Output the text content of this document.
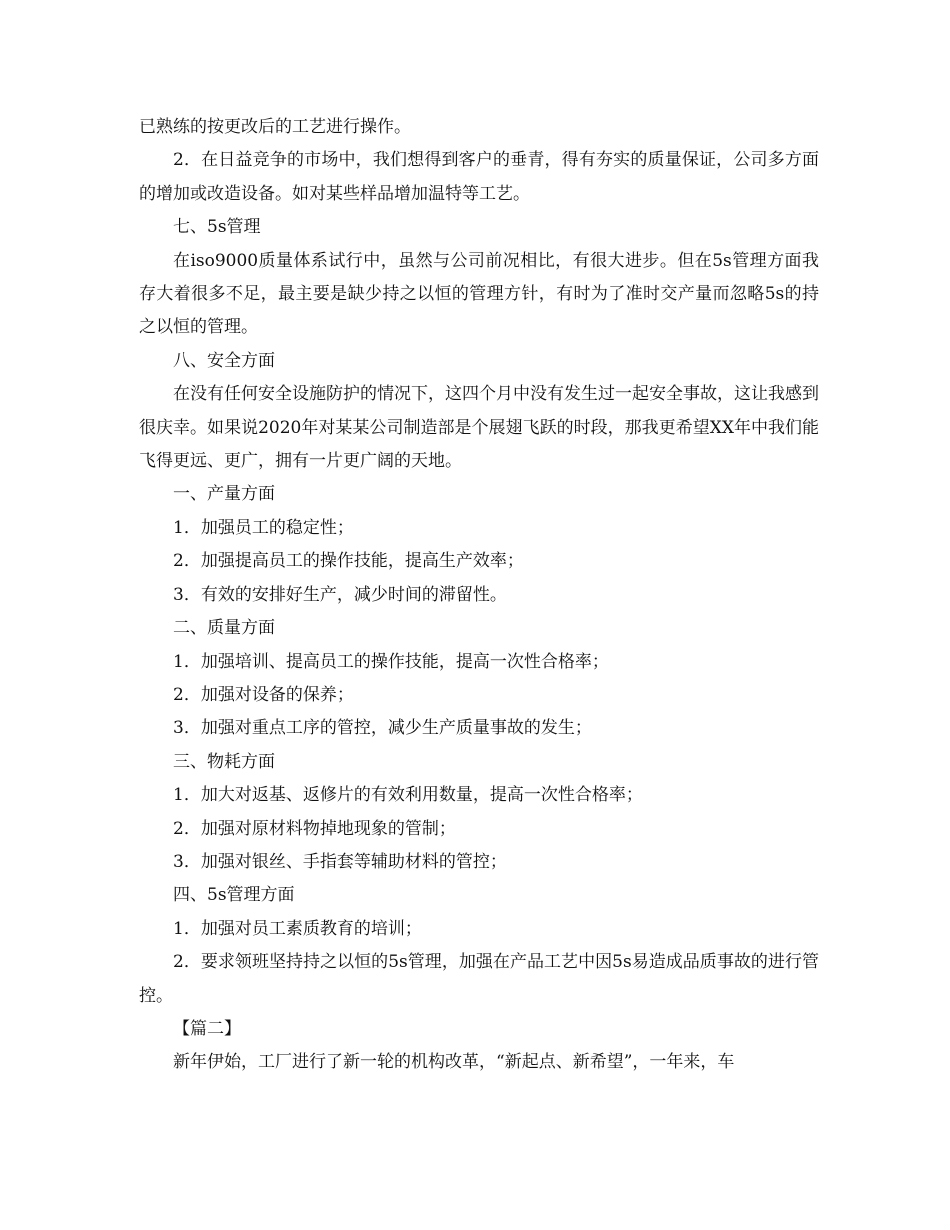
已熟练的按更改后的工艺进行操作。

2．在日益竞争的市场中，我们想得到客户的垂青，得有夯实的质量保证，公司多方面的增加或改造设备。如对某些样品增加温特等工艺。

七、5s管理

在iso9000质量体系试行中，虽然与公司前况相比，有很大进步。但在5s管理方面我存大着很多不足，最主要是缺少持之以恒的管理方针，有时为了准时交产量而忽略5s的持之以恒的管理。

八、安全方面

在没有任何安全设施防护的情况下，这四个月中没有发生过一起安全事故，这让我感到很庆幸。如果说2020年对某某公司制造部是个展翅飞跃的时段，那我更希望XX年中我们能飞得更远、更广，拥有一片更广阔的天地。

一、产量方面

1．加强员工的稳定性；

2．加强提高员工的操作技能，提高生产效率；

3．有效的安排好生产，减少时间的滞留性。

二、质量方面

1．加强培训、提高员工的操作技能，提高一次性合格率；

2．加强对设备的保养；

3．加强对重点工序的管控，减少生产质量事故的发生；

三、物耗方面

1．加大对返基、返修片的有效利用数量，提高一次性合格率；

2．加强对原材料物掉地现象的管制；

3．加强对银丝、手指套等辅助材料的管控；

四、5s管理方面

1．加强对员工素质教育的培训；

2．要求领班坚持持之以恒的5s管理，加强在产品工艺中因5s易造成品质事故的进行管控。

【篇二】

新年伊始，工厂进行了新一轮的机构改革，“新起点、新希望”，一年来，车
